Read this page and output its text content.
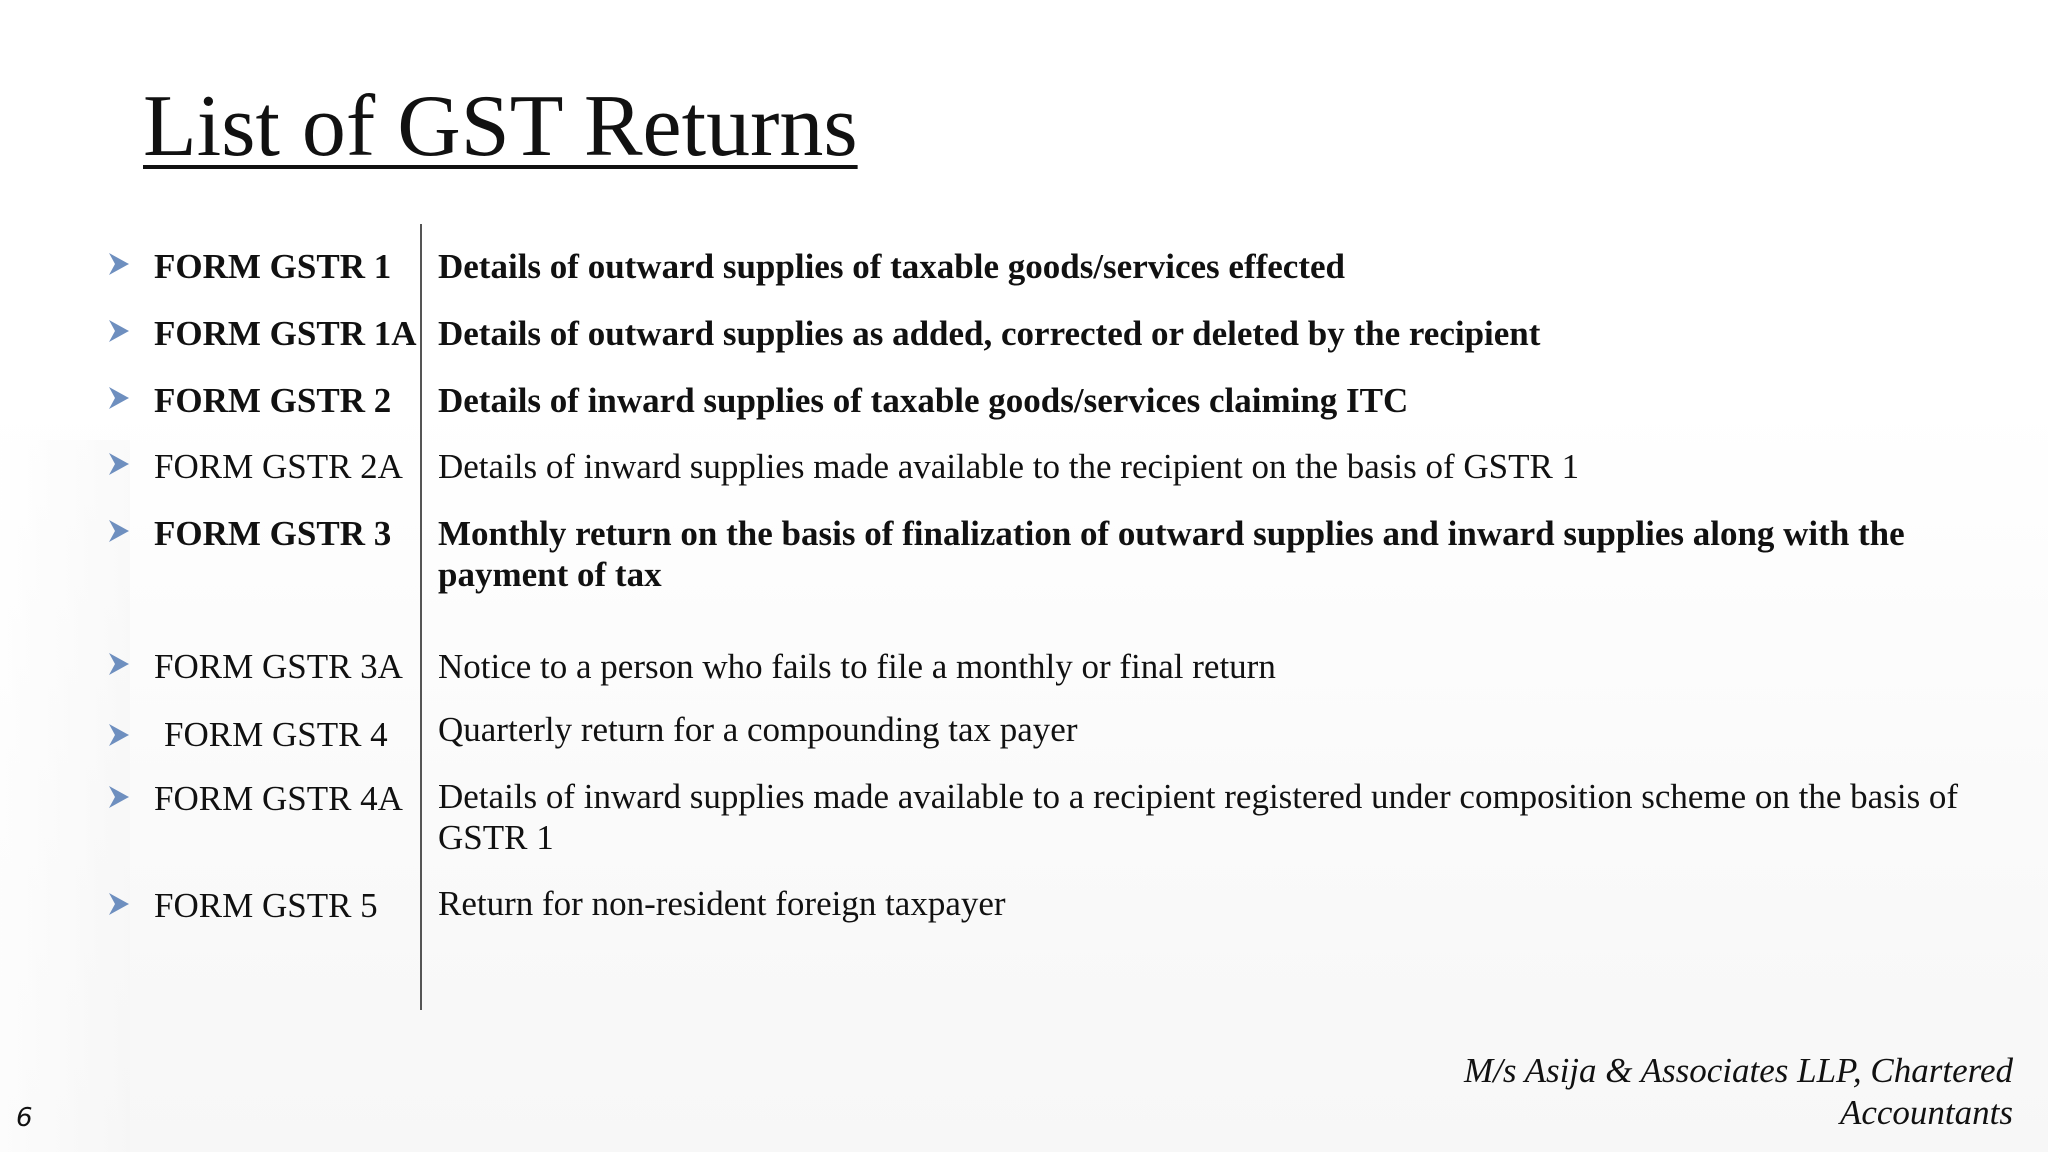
List of GST Returns
FORM GSTR 1 Details of outward supplies of taxable goods/services effected
FORM GSTR 1A Details of outward supplies as added, corrected or deleted by the recipient
FORM GSTR 2 Details of inward supplies of taxable goods/services claiming ITC
FORM GSTR 2A Details of inward supplies made available to the recipient on the basis of GSTR 1
FORM GSTR 3 Monthly return on the basis of finalization of outward supplies and inward supplies along with the payment of tax
FORM GSTR 3A Notice to a person who fails to file a monthly or final return
FORM GSTR 4 Quarterly return for a compounding tax payer
FORM GSTR 4A Details of inward supplies made available to a recipient registered under composition scheme on the basis of GSTR 1
FORM GSTR 5 Return for non-resident foreign taxpayer
M/s Asija & Associates LLP, Chartered Accountants
6
